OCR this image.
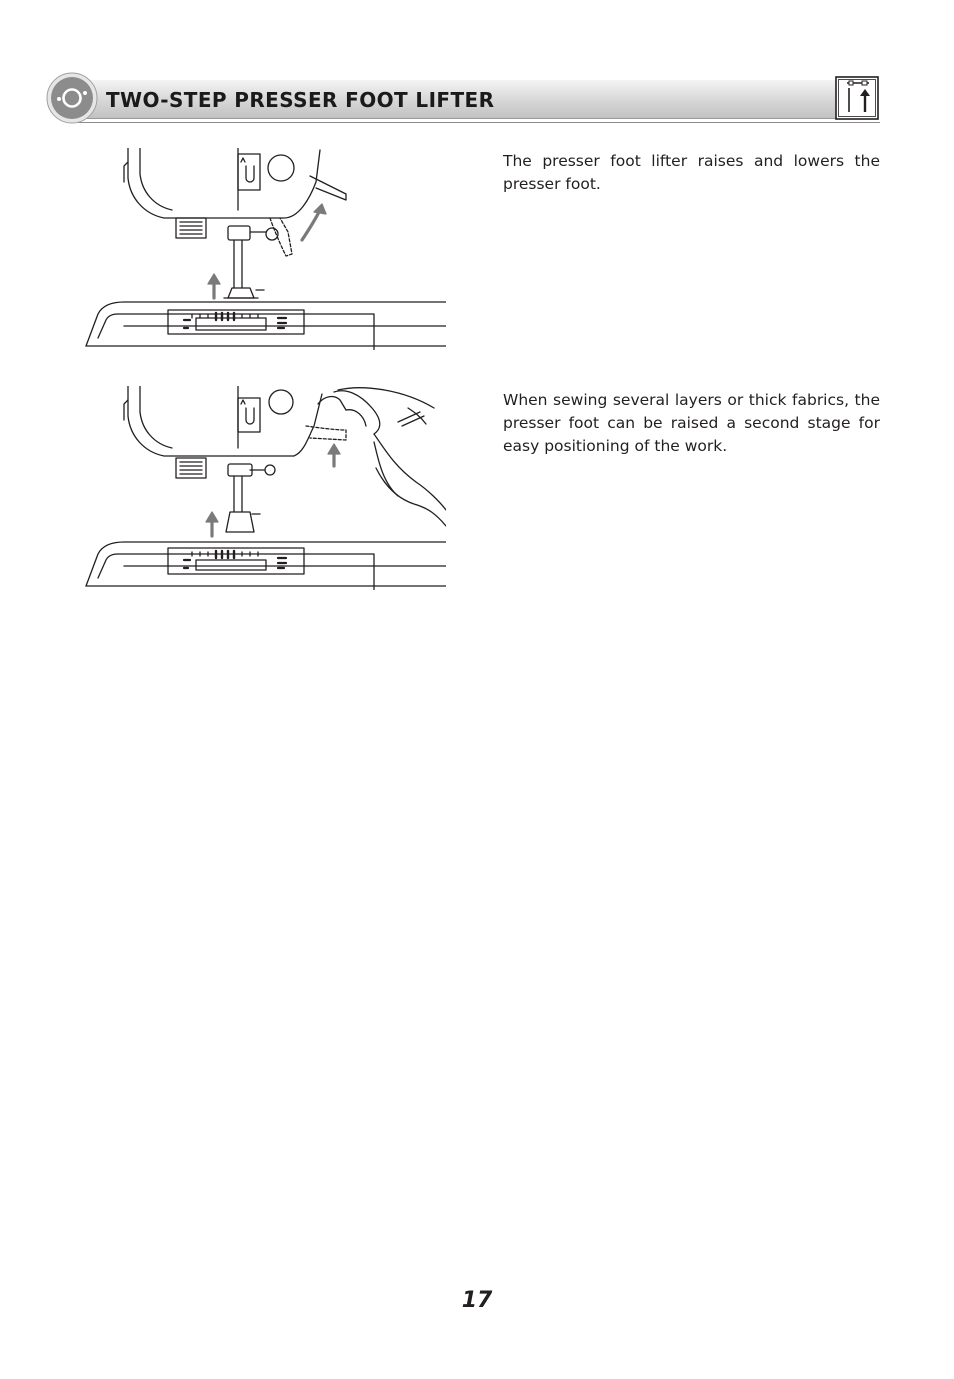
TWO-STEP PRESSER FOOT LIFTER

The presser foot lifter raises and lowers the presser foot.

When sewing several layers or thick fabrics, the presser foot can be raised a second stage for easy positioning of the work.

17
